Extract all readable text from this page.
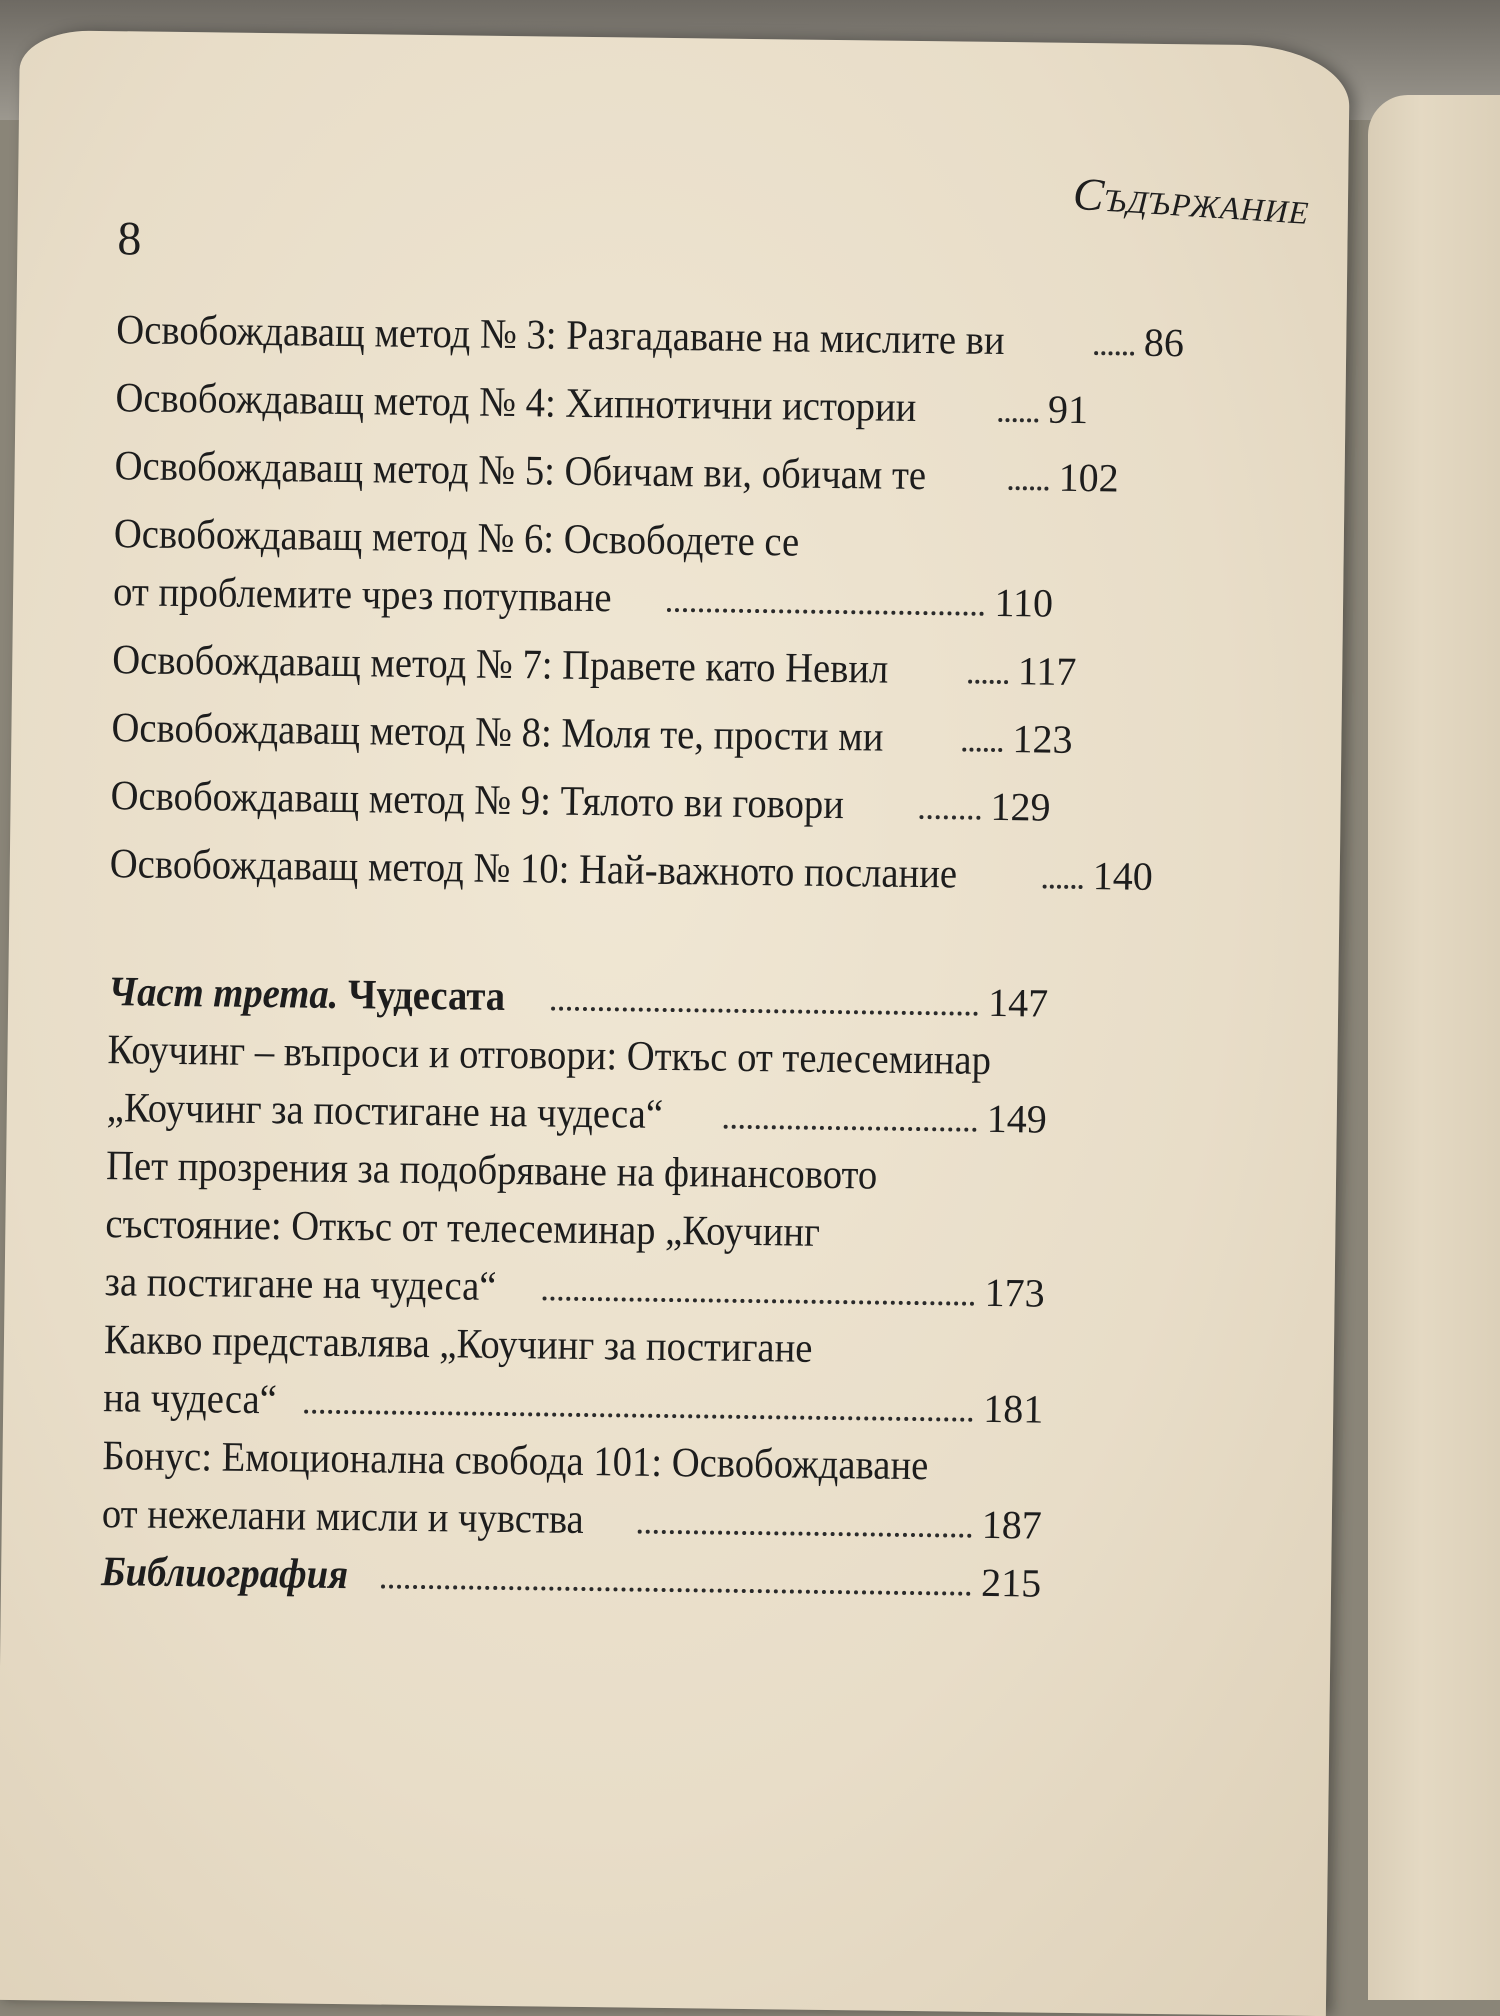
8
Съдържание
Освобождаващ метод № 3: Разгадаване на мислите ви	86
Освобождаващ метод № 4: Хипнотични истории	91
Освобождаващ метод № 5: Обичам ви, обичам те	102
Освобождаващ метод № 6: Освободете се
от проблемите чрез потупване	110
Освобождаващ метод № 7: Правете като Невил	117
Освобождаващ метод № 8: Моля те, прости ми	123
Освобождаващ метод № 9: Тялото ви говори	129
Освобождаващ метод № 10: Най-важното послание	140
Част трета. Чудесата	147
Коучинг – въпроси и отговори: Откъс от телесеминар
„Коучинг за постигане на чудеса“	149
Пет прозрения за подобряване на финансовото
състояние: Откъс от телесеминар „Коучинг
за постигане на чудеса“	173
Какво представлява „Коучинг за постигане
на чудеса“	181
Бонус: Емоционална свобода 101: Освобождаване
от нежелани мисли и чувства	187
Библиография	215
